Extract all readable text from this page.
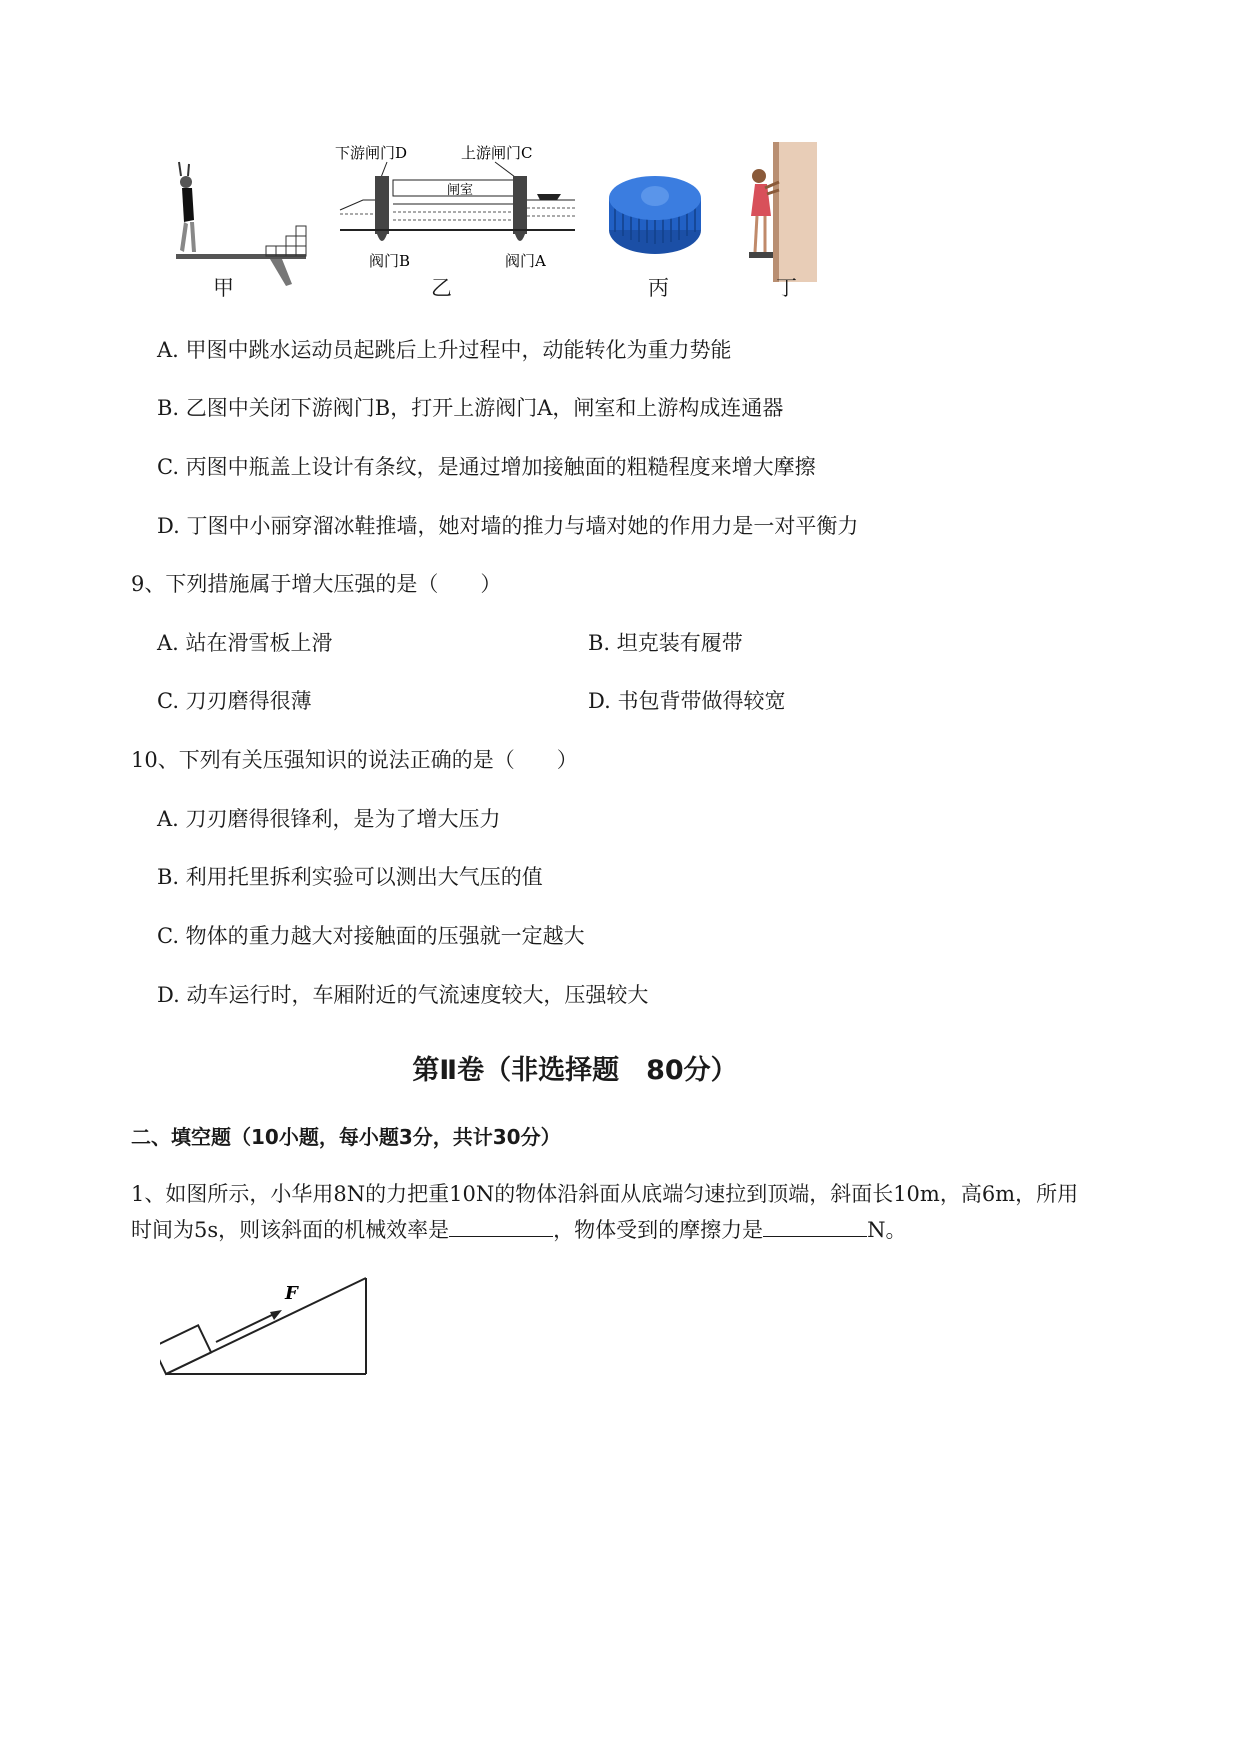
甲
下游闸门D	上游闸门C
闸室
阀门B	阀门A
乙	丙	丁
A. 甲图中跳水运动员起跳后上升过程中，动能转化为重力势能
B. 乙图中关闭下游阀门B，打开上游阀门A，闸室和上游构成连通器
C. 丙图中瓶盖上设计有条纹，是通过增加接触面的粗糙程度来增大摩擦
D. 丁图中小丽穿溜冰鞋推墙，她对墙的推力与墙对她的作用力是一对平衡力
9、下列措施属于增大压强的是（　　）
A. 站在滑雪板上滑	B. 坦克装有履带
C. 刀刃磨得很薄	D. 书包背带做得较宽
10、下列有关压强知识的说法正确的是（　　）
A. 刀刃磨得很锋利，是为了增大压力
B. 利用托里拆利实验可以测出大气压的值
C. 物体的重力越大对接触面的压强就一定越大
D. 动车运行时，车厢附近的气流速度较大，压强较大
第Ⅱ卷（非选择题　80分）
二、填空题（10小题，每小题3分，共计30分）
1、如图所示，小华用8N的力把重10N的物体沿斜面从底端匀速拉到顶端，斜面长10m，高6m，所用
时间为5s，则该斜面的机械效率是	，物体受到的摩擦力是	N。
F
